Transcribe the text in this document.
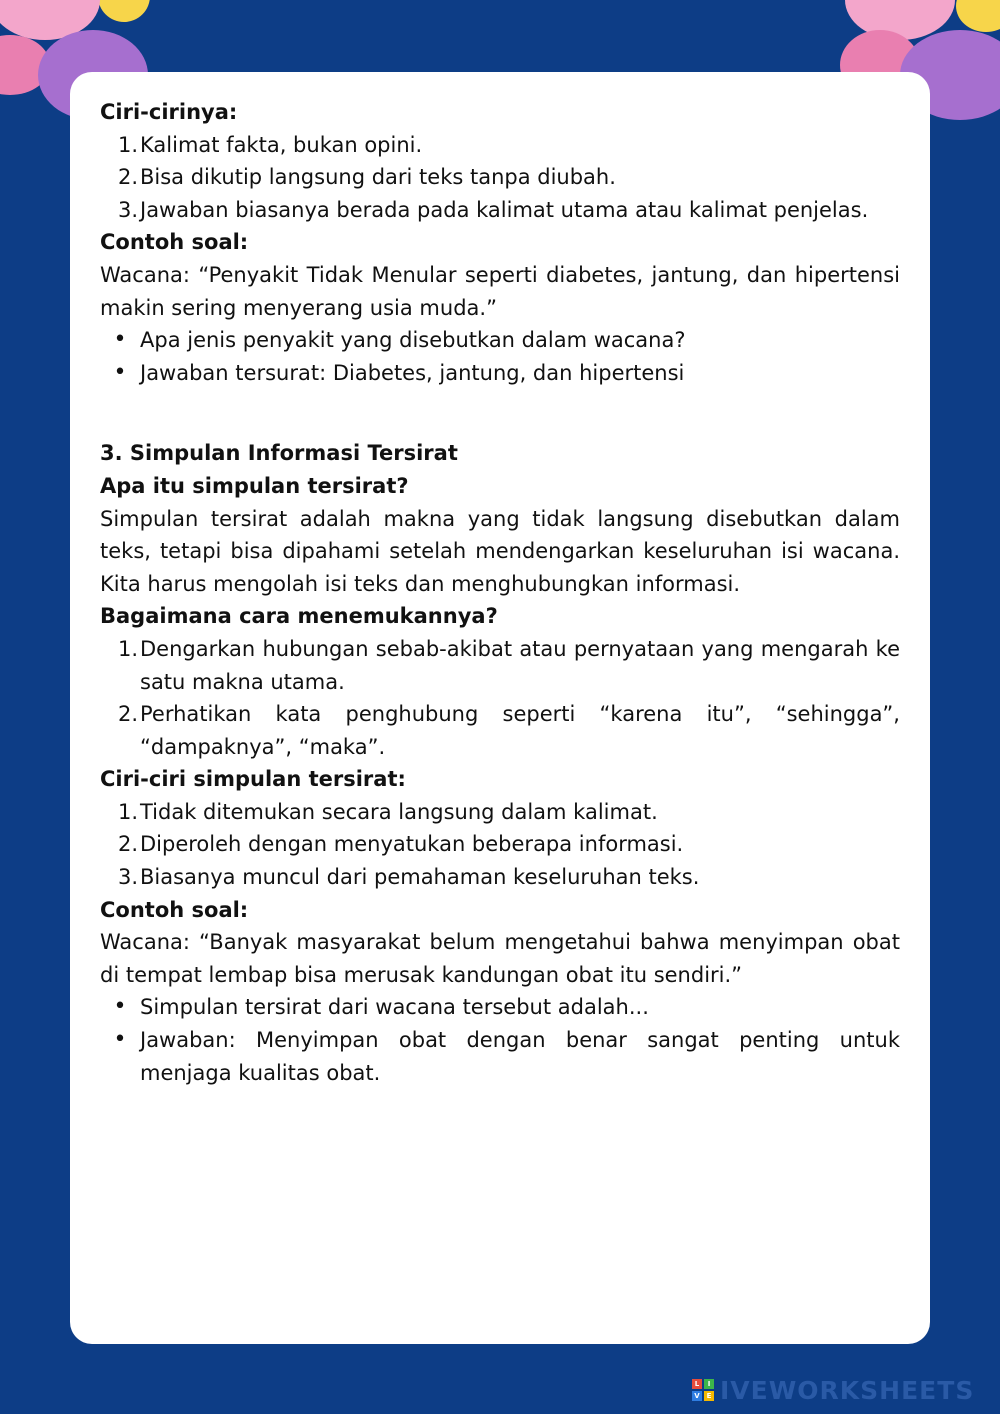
Ciri-cirinya:

1. Kalimat fakta, bukan opini.
2. Bisa dikutip langsung dari teks tanpa diubah.
3. Jawaban biasanya berada pada kalimat utama atau kalimat penjelas.

Contoh soal:

Wacana: “Penyakit Tidak Menular seperti diabetes, jantung, dan hipertensi makin sering menyerang usia muda.”

• Apa jenis penyakit yang disebutkan dalam wacana?
• Jawaban tersurat: Diabetes, jantung, dan hipertensi

3. Simpulan Informasi Tersirat

Apa itu simpulan tersirat?

Simpulan tersirat adalah makna yang tidak langsung disebutkan dalam teks, tetapi bisa dipahami setelah mendengarkan keseluruhan isi wacana. Kita harus mengolah isi teks dan menghubungkan informasi.

Bagaimana cara menemukannya?

1. Dengarkan hubungan sebab-akibat atau pernyataan yang mengarah ke satu makna utama.
2. Perhatikan kata penghubung seperti “karena itu”, “sehingga”, “dampaknya”, “maka”.

Ciri-ciri simpulan tersirat:

1. Tidak ditemukan secara langsung dalam kalimat.
2. Diperoleh dengan menyatukan beberapa informasi.
3. Biasanya muncul dari pemahaman keseluruhan teks.

Contoh soal:

Wacana: “Banyak masyarakat belum mengetahui bahwa menyimpan obat di tempat lembap bisa merusak kandungan obat itu sendiri.”

• Simpulan tersirat dari wacana tersebut adalah...
• Jawaban: Menyimpan obat dengan benar sangat penting untuk menjaga kualitas obat.
L	I
V E IVEWORKSHEETS
